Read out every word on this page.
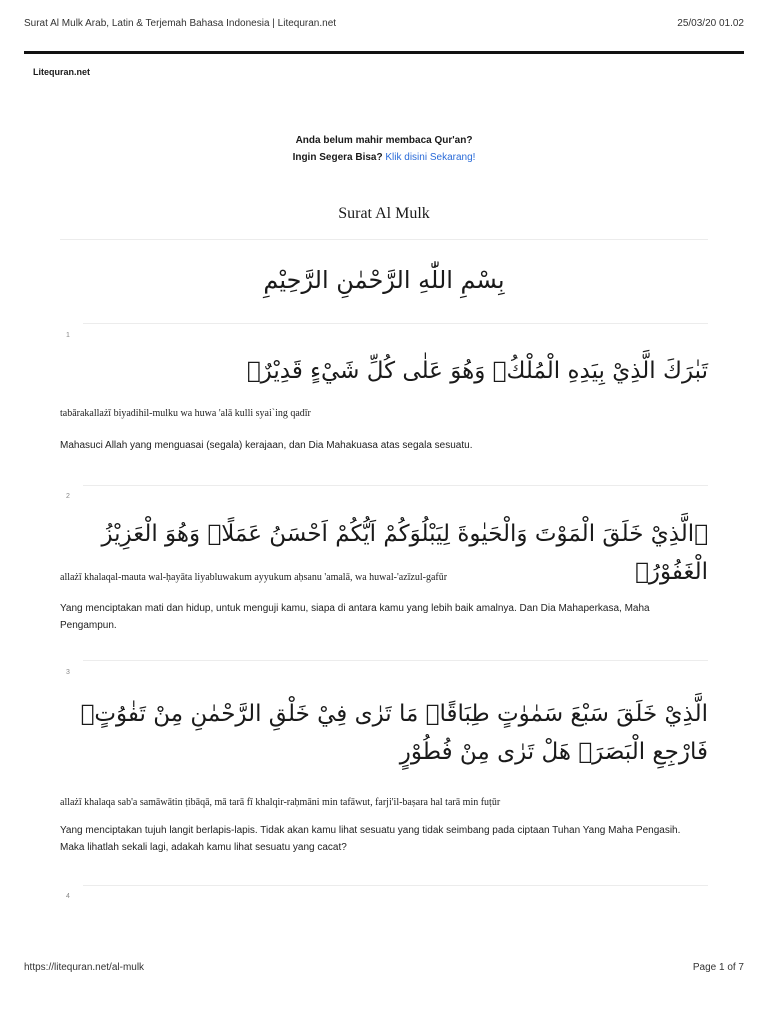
Surat Al Mulk Arab, Latin & Terjemah Bahasa Indonesia | Litequran.net	25/03/20 01.02
Litequran.net
Anda belum mahir membaca Qur'an?
Ingin Segera Bisa? Klik disini Sekarang!
Surat Al Mulk
بِسْمِ اللّٰهِ الرَّحْمٰنِ الرَّحِيْمِ
1
تَبٰرَكَ الَّذِيْ بِيَدِهِ الْمُلْكُۖ وَهُوَ عَلٰى كُلِّ شَيْءٍ قَدِيْرٌۙ
tabārakallażī biyadihil-mulku wa huwa 'alā kulli syai`ing qadīr
Mahasuci Allah yang menguasai (segala) kerajaan, dan Dia Mahakuasa atas segala sesuatu.
2
ۨالَّذِيْ خَلَقَ الْمَوْتَ وَالْحَيٰوةَ لِيَبْلُوَكُمْ اَيُّكُمْ اَحْسَنُ عَمَلًاۗ وَهُوَ الْعَزِيْزُ الْغَفُوْرُۙ
allażī khalaqal-mauta wal-ḥayāta liyabluwakum ayyukum aḥsanu 'amalā, wa huwal-'azīzul-gafūr
Yang menciptakan mati dan hidup, untuk menguji kamu, siapa di antara kamu yang lebih baik amalnya. Dan Dia Mahaperkasa, Maha Pengampun.
3
الَّذِيْ خَلَقَ سَبْعَ سَمٰوٰتٍ طِبَاقًاۗ مَا تَرٰى فِيْ خَلْقِ الرَّحْمٰنِ مِنْ تَفٰوُتٍۗ فَارْجِعِ الْبَصَرَۙ هَلْ تَرٰى مِنْ فُطُوْرٍ
allażī khalaqa sab'a samāwātin ṭibāqā, mā tarā fī khalqir-raḥmāni min tafāwut, farji'il-baṣara hal tarā min fuṭūr
Yang menciptakan tujuh langit berlapis-lapis. Tidak akan kamu lihat sesuatu yang tidak seimbang pada ciptaan Tuhan Yang Maha Pengasih. Maka lihatlah sekali lagi, adakah kamu lihat sesuatu yang cacat?
4
https://litequran.net/al-mulk	Page 1 of 7
